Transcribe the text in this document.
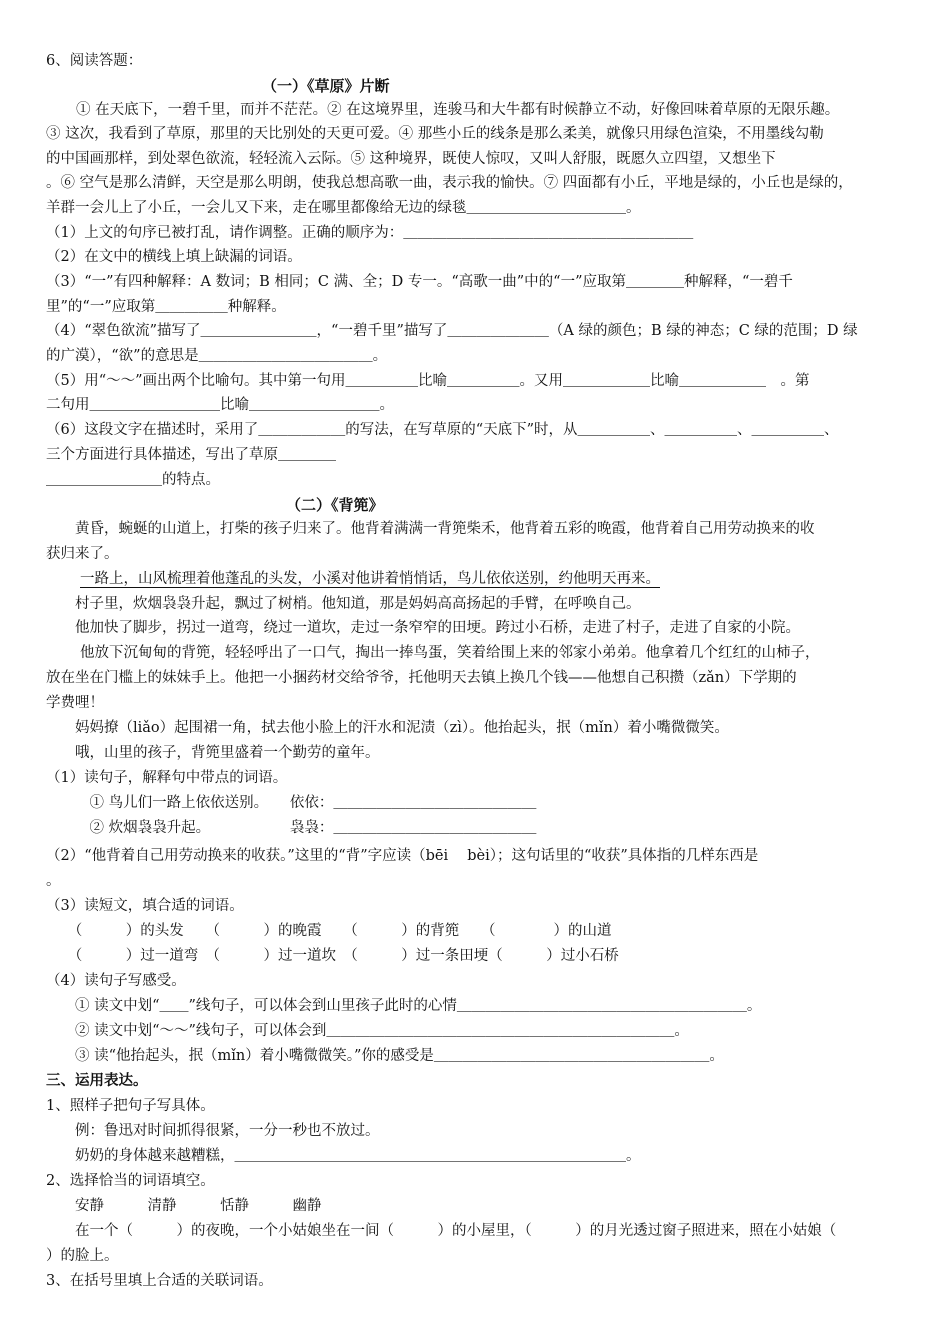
6、阅读答题：
（一）《草原》片断
① 在天底下，一碧千里，而并不茫茫。② 在这境界里，连骏马和大牛都有时候静立不动，好像回味着草原的无限乐趣。
③ 这次，我看到了草原，那里的天比别处的天更可爱。④ 那些小丘的线条是那么柔美，就像只用绿色渲染，不用墨线勾勒
的中国画那样，到处翠色欲流，轻轻流入云际。⑤ 这种境界，既使人惊叹，又叫人舒服，既愿久立四望，又想坐下
。⑥ 空气是那么清鲜，天空是那么明朗，使我总想高歌一曲，表示我的愉快。⑦ 四面都有小丘，平地是绿的，小丘也是绿的，
羊群一会儿上了小丘，一会儿又下来，走在哪里都像给无边的绿毯＿＿＿＿＿＿＿＿＿＿＿。
（1）上文的句序已被打乱，请作调整。正确的顺序为：＿＿＿＿＿＿＿＿＿＿＿＿＿＿＿＿＿＿＿＿
（2）在文中的横线上填上缺漏的词语。
（3）“一”有四种解释：A 数词；B 相同；C 满、全；D 专一。“高歌一曲”中的“一”应取第＿＿＿＿种解释，“一碧千
里”的“一”应取第＿＿＿＿＿种解释。
（4）“翠色欲流”描写了＿＿＿＿＿＿＿＿，“一碧千里”描写了＿＿＿＿＿＿＿（A 绿的颜色；B 绿的神态；C 绿的范围；D 绿
的广漠），“欲”的意思是＿＿＿＿＿＿＿＿＿＿＿＿。
（5）用“～～”画出两个比喻句。其中第一句用＿＿＿＿＿比喻＿＿＿＿＿。又用＿＿＿＿＿＿比喻＿＿＿＿＿＿　。第
二句用＿＿＿＿＿＿＿＿＿比喻＿＿＿＿＿＿＿＿＿。
（6）这段文字在描述时，采用了＿＿＿＿＿＿的写法，在写草原的“天底下”时，从＿＿＿＿＿、＿＿＿＿＿、＿＿＿＿＿、
三个方面进行具体描述，写出了草原＿＿＿＿
＿＿＿＿＿＿＿＿的特点。
（二）《背篼》
　　黄昏，蜿蜒的山道上，打柴的孩子归来了。他背着满满一背篼柴禾，他背着五彩的晚霞，他背着自己用劳动换来的收
获归来了。
一路上，山风梳理着他蓬乱的头发，小溪对他讲着悄悄话，鸟儿依依送别，约他明天再来。
　　村子里，炊烟袅袅升起，飘过了树梢。他知道，那是妈妈高高扬起的手臂，在呼唤自己。
　　他加快了脚步，拐过一道弯，绕过一道坎，走过一条窄窄的田埂。跨过小石桥，走进了村子，走进了自家的小院。
他放下沉甸甸的背篼，轻轻呼出了一口气，掏出一捧鸟蛋，笑着给围上来的邻家小弟弟。他拿着几个红红的山柿子，
放在坐在门槛上的妹妹手上。他把一小捆药材交给爷爷，托他明天去镇上换几个钱——他想自己积攒（zǎn）下学期的
学费哩！
　　妈妈撩（liǎo）起围裙一角，拭去他小脸上的汗水和泥渍（zì）。他抬起头，抿（mǐn）着小嘴微微笑。
　　哦，山里的孩子，背篼里盛着一个勤劳的童年。
（1）读句子，解释句中带点的词语。
　　　① 鸟儿们一路上依依送别。　　依依：＿＿＿＿＿＿＿＿＿＿＿＿＿＿
　　　② 炊烟袅袅升起。　　　　　　袅袅：＿＿＿＿＿＿＿＿＿＿＿＿＿＿
（2）“他背着自己用劳动换来的收获。”这里的“背”字应读（bēi　 bèi）；这句话里的“收获”具体指的几样东西是
。
（3）读短文，填合适的词语。
　　（　　　）的头发　　（　　　）的晚霞　　（　　　）的背篼　　（　　　　）的山道
　　（　　　）过一道弯　（　　　）过一道坎　（　　　）过一条田埂（　　　）过小石桥
（4）读句子写感受。
　　① 读文中划“＿＿”线句子，可以体会到山里孩子此时的心情＿＿＿＿＿＿＿＿＿＿＿＿＿＿＿＿＿＿＿＿。
　　② 读文中划“～～”线句子，可以体会到＿＿＿＿＿＿＿＿＿＿＿＿＿＿＿＿＿＿＿＿＿＿＿＿。
　　③ 读“他抬起头，抿（mǐn）着小嘴微微笑。”你的感受是＿＿＿＿＿＿＿＿＿＿＿＿＿＿＿＿＿＿＿。
三、运用表达。
1、照样子把句子写具体。
　　例：鲁迅对时间抓得很紧，一分一秒也不放过。
　　奶奶的身体越来越糟糕，＿＿＿＿＿＿＿＿＿＿＿＿＿＿＿＿＿＿＿＿＿＿＿＿＿＿＿。
2、选择恰当的词语填空。
　　安静　　　清静　　　恬静　　　幽静
　　在一个（　　　）的夜晚，一个小姑娘坐在一间（　　　）的小屋里，（　　　）的月光透过窗子照进来，照在小姑娘（
）的脸上。
3、在括号里填上合适的关联词语。
